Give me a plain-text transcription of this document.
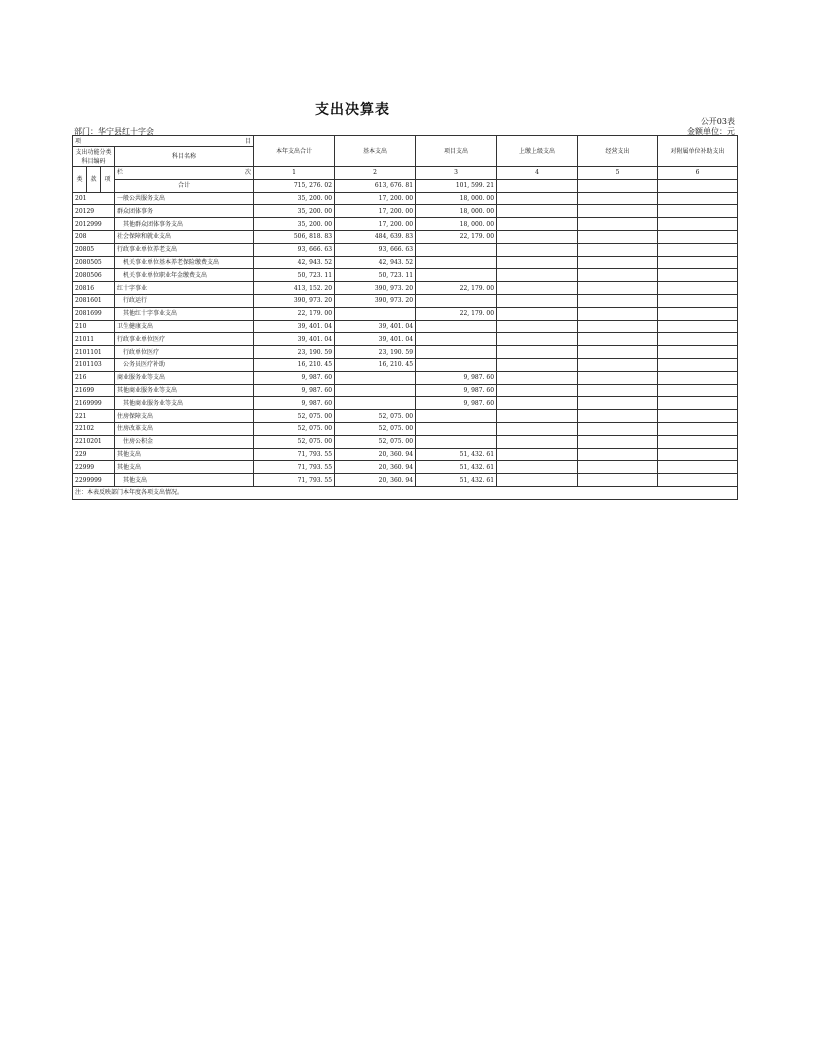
支出决算表
公开03表
部门：华宁县红十字会	金额单位：元
项 目				本年支出合计	基本支出	项目支出	上缴上级支出	经营支出	对附属单位补助支出
支出功能分类科目编码			科目名称						

类	款	项	栏 次	1	2	3	4	5	6
			合计	715, 276. 02	613, 676. 81	101, 599. 21			
201			一般公共服务支出	35, 200. 00	17, 200. 00	18, 000. 00			
20129			群众团体事务	35, 200. 00	17, 200. 00	18, 000. 00			
2012999			其他群众团体事务支出	35, 200. 00	17, 200. 00	18, 000. 00			
208			社会保障和就业支出	506, 818. 83	484, 639. 83	22, 179. 00			
20805			行政事业单位养老支出	93, 666. 63	93, 666. 63				
2080505			机关事业单位基本养老保险缴费支出	42, 943. 52	42, 943. 52				
2080506			机关事业单位职业年金缴费支出	50, 723. 11	50, 723. 11				
20816			红十字事业	413, 152. 20	390, 973. 20	22, 179. 00			
2081601			行政运行	390, 973. 20	390, 973. 20				
2081699			其他红十字事业支出	22, 179. 00		22, 179. 00			
210			卫生健康支出	39, 401. 04	39, 401. 04				
21011			行政事业单位医疗	39, 401. 04	39, 401. 04				
2101101			行政单位医疗	23, 190. 59	23, 190. 59				
2101103			公务员医疗补助	16, 210. 45	16, 210. 45				
216			商业服务业等支出	9, 987. 60		9, 987. 60			
21699			其他商业服务业等支出	9, 987. 60		9, 987. 60			
2169999			其他商业服务业等支出	9, 987. 60		9, 987. 60			
221			住房保障支出	52, 075. 00	52, 075. 00				
22102			住房改革支出	52, 075. 00	52, 075. 00				
2210201			住房公积金	52, 075. 00	52, 075. 00				
229			其他支出	71, 793. 55	20, 360. 94	51, 432. 61			
22999			其他支出	71, 793. 55	20, 360. 94	51, 432. 61			
2299999			其他支出	71, 793. 55	20, 360. 94	51, 432. 61			
注：本表反映部门本年度各项支出情况。									
